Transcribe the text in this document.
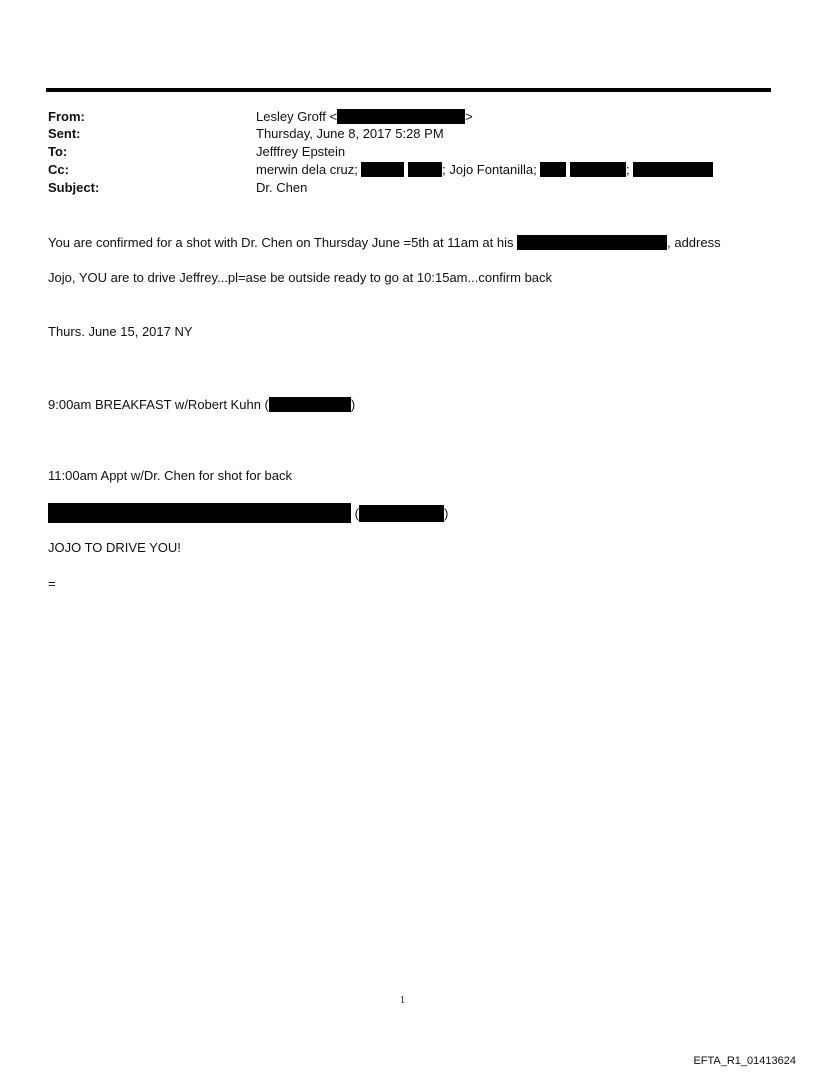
From:	Lesley Groff <	>
Sent:	Thursday, June 8, 2017 5:28 PM
To:	Jefffrey Epstein
Cc:	merwin dela cruz;	; Jojo Fontanilla;	;
Subject:	Dr. Chen
You are confirmed for a shot with Dr. Chen on Thursday June =5th at 11am at his	, address
Jojo, YOU are to drive Jeffrey...pl=ase be outside ready to go at 10:15am...confirm back
Thurs. June 15, 2017 NY
9:00am BREAKFAST w/Robert Kuhn (	)
11:00am Appt w/Dr. Chen for shot for back
(	)
JOJO TO DRIVE YOU!
=
1
EFTA_R1_01413624
